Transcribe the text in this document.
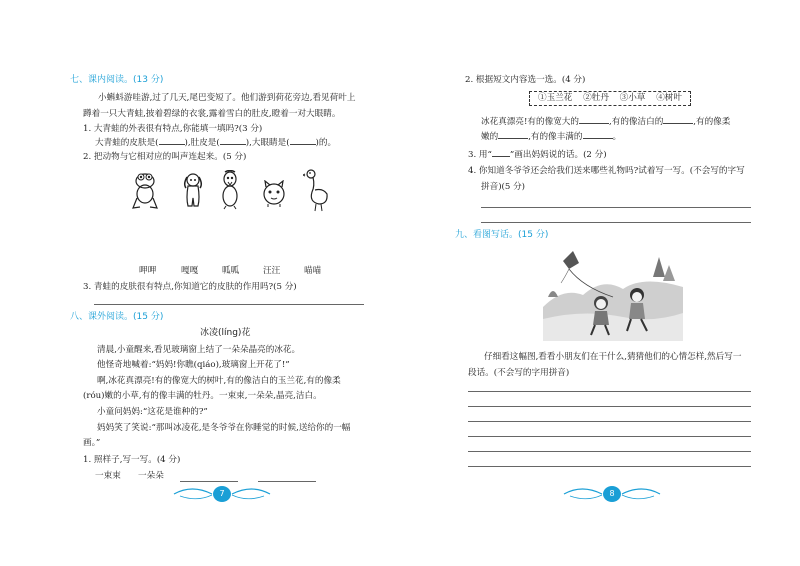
七、课内阅读。(13 分)
小蝌蚪游哇游,过了几天,尾巴变短了。他们游到荷花旁边,看见荷叶上
蹲着一只大青蛙,披着碧绿的衣裳,露着雪白的肚皮,瞪着一对大眼睛。
1. 大青蛙的外表很有特点,你能填一填吗?(3 分)
大青蛙的皮肤是(	),肚皮是(	),大眼睛是(	)的。
2. 把动物与它相对应的叫声连起来。(5 分)
呷呷	嘎嘎	呱呱	汪汪	喵喵
3. 青蛙的皮肤很有特点,你知道它的皮肤的作用吗?(5 分)
八、课外阅读。(15 分)
冰凌(líng)花
清晨,小童醒来,看见玻璃窗上结了一朵朵晶亮的冰花。
他怪奇地喊着:“妈妈!你瞧(qiáo),玻璃窗上开花了!”
啊,冰花真漂亮!有的像宽大的树叶,有的像洁白的玉兰花,有的像柔
(róu)嫩的小草,有的像丰满的牡丹。一束束,一朵朵,晶亮,洁白。
小童问妈妈:“这花是谁种的?”
妈妈笑了笑说:“那叫冰凌花,是冬爷爷在你睡觉的时候,送给你的一幅
画。”
1. 照样子,写一写。(4 分)
一束束 一朵朵
7
2. 根据短文内容选一选。(4 分)
①玉兰花 ②牡丹 ③小草 ④树叶
冰花真漂亮!有的像宽大的	,有的像洁白的	,有的像柔
嫩的	,有的像丰满的	。
3. 用“ ”画出妈妈说的话。(2 分)
4. 你知道冬爷爷还会给我们送来哪些礼物吗?试着写一写。(不会写的字写
拼音)(5 分)
九、看图写话。(15 分)
仔细看这幅图,看看小朋友们在干什么,猜猜他们的心情怎样,然后写一
段话。(不会写的字用拼音)
8
